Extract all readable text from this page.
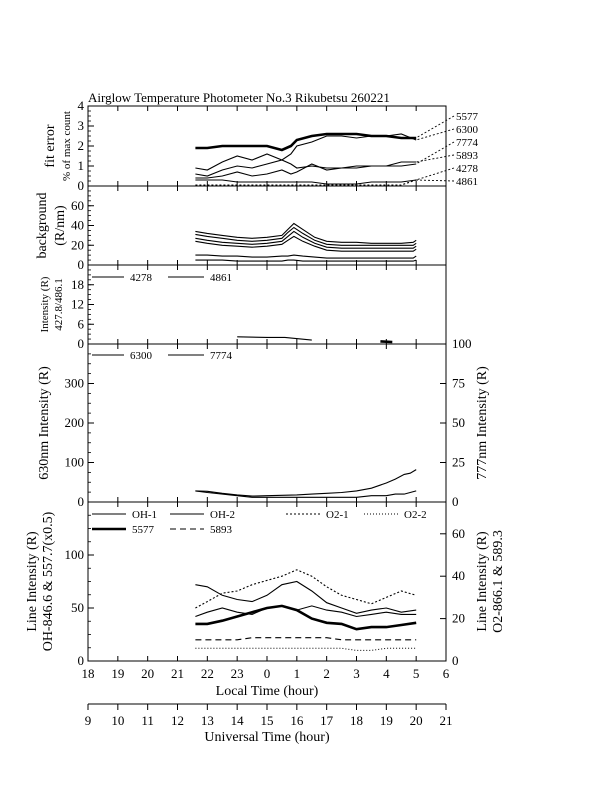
Airglow Temperature Photometer No.3 Rikubetsu 260221
0
1
2
3
4
5577
6300
7774
5893
4278
4861
fit error % of max count
0
20
40
60
background (R/nm)
0
6
12
18	4278	4861
Intensity (R) 427.8/486.1
0
100
200
300
0
25
50
75
100
6300	7774
630nm Intensity (R)	777nm Intensity (R)
0
50
100
0
20
40
60
OH-1	OH-2	O2-1	O2-2
5577	5893
Line Intensity (R) OH-846.6 & 557.7(x0.5)	Line Intensity (R) O2-866.1 & 589.3
18 19 20 21 22 23 0 1 2 3 4 5 6
Local Time (hour)
9 10 11 12 13 14 15 16 17 18 19 20 21
Universal Time (hour)
